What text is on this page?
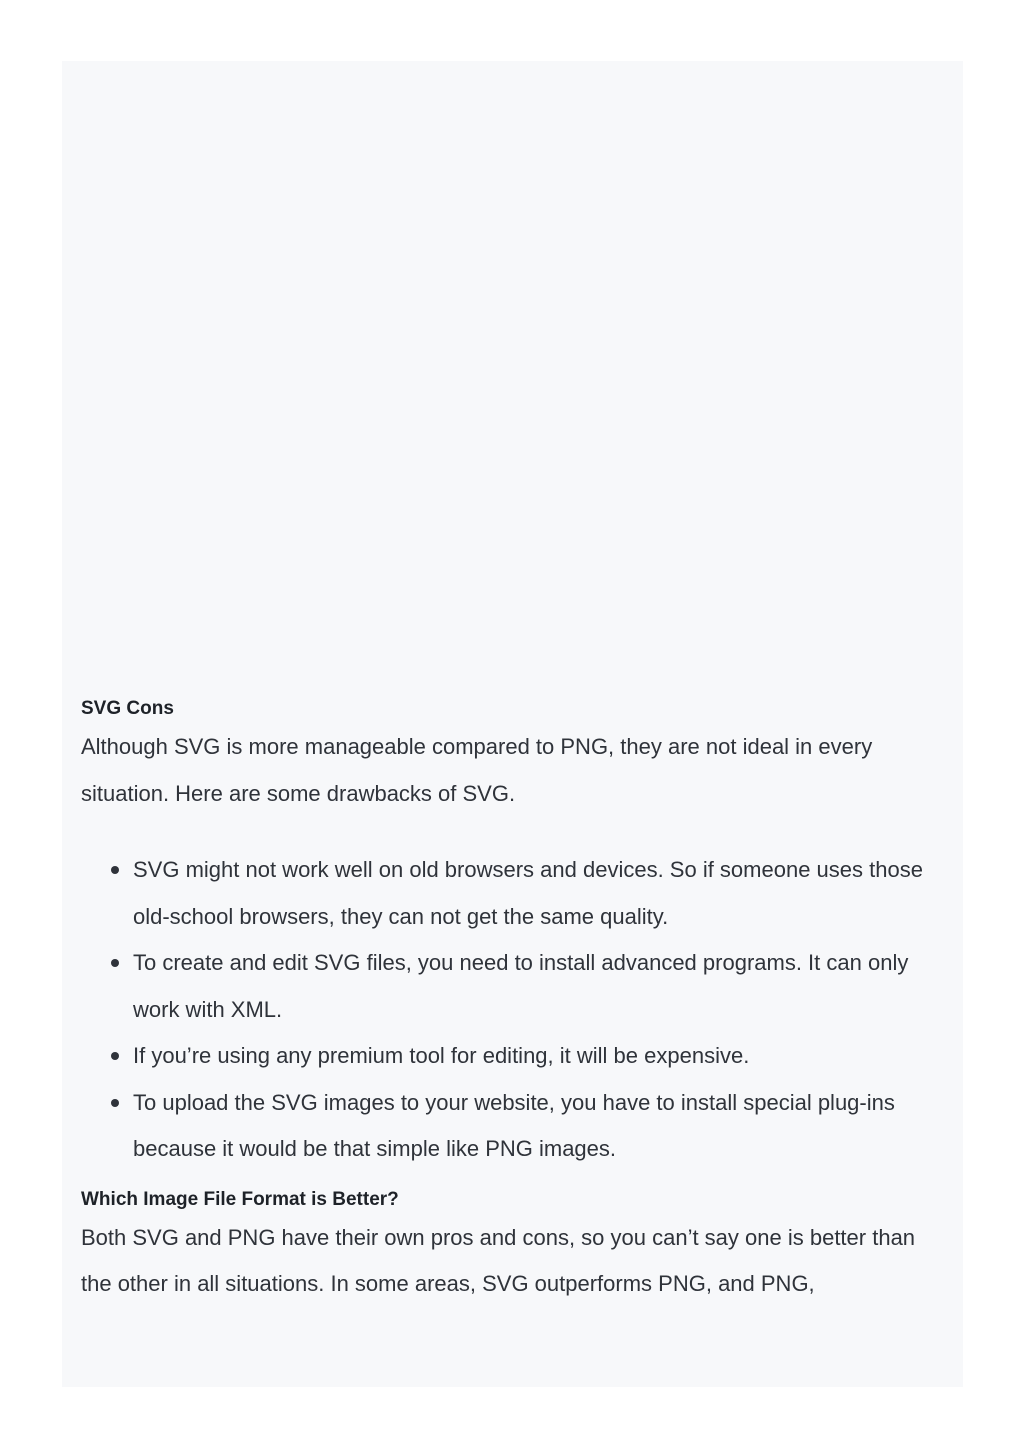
SVG Cons

Although SVG is more manageable compared to PNG, they are not ideal in every situation. Here are some drawbacks of SVG.

SVG might not work well on old browsers and devices. So if someone uses those old-school browsers, they can not get the same quality.
To create and edit SVG files, you need to install advanced programs. It can only work with XML.
If you’re using any premium tool for editing, it will be expensive.
To upload the SVG images to your website, you have to install special plug-ins because it would be that simple like PNG images.
Which Image File Format is Better?

Both SVG and PNG have their own pros and cons, so you can’t say one is better than the other in all situations. In some areas, SVG outperforms PNG, and PNG,
